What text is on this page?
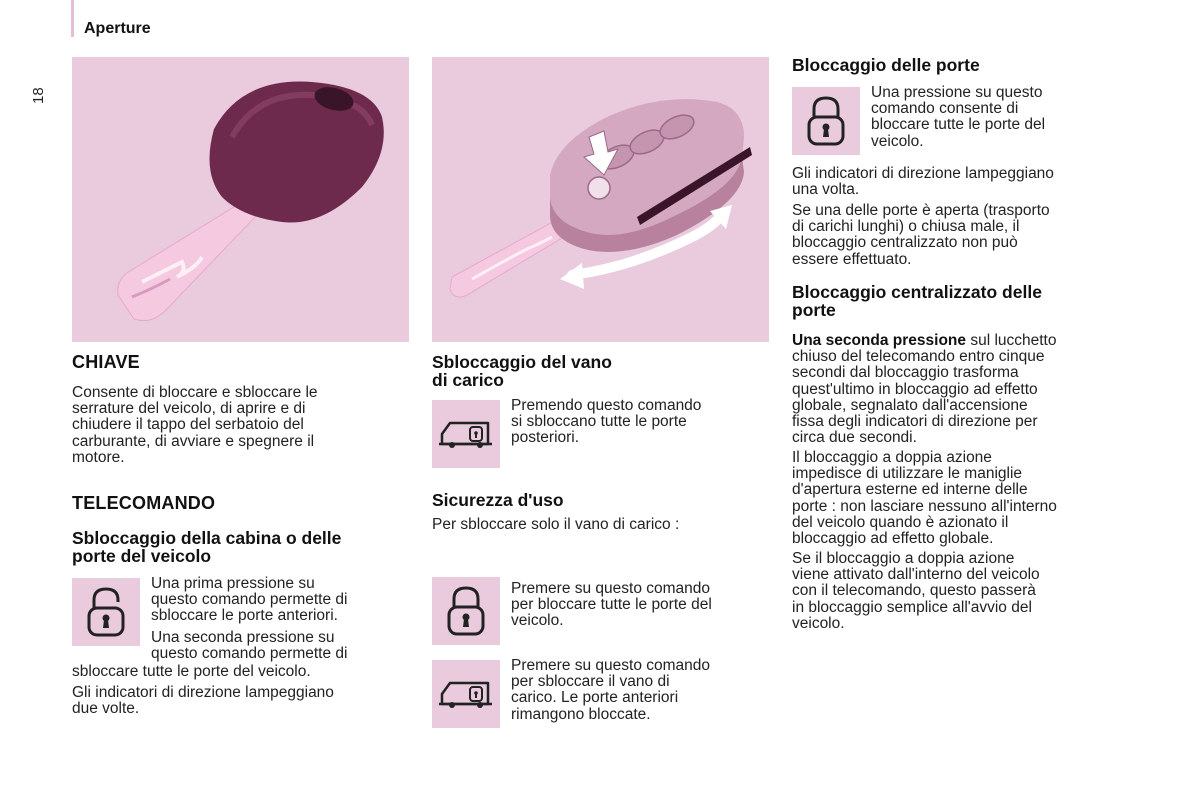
Aperture
18
CHIAVE
Consente di bloccare e sbloccare le
serrature del veicolo, di aprire e di
chiudere il tappo del serbatoio del
carburante, di avviare e spegnere il
motore.
TELECOMANDO
Sbloccaggio della cabina o delle
porte del veicolo
Una prima pressione su
questo comando permette di
sbloccare le porte anteriori.
Una seconda pressione su
questo comando permette di
sbloccare tutte le porte del veicolo.
Gli indicatori di direzione lampeggiano
due volte.
Sbloccaggio del vano
di carico
Premendo questo comando
si sbloccano tutte le porte
posteriori.
Sicurezza d'uso
Per sbloccare solo il vano di carico :
Premere su questo comando
per bloccare tutte le porte del
veicolo.
Premere su questo comando
per sbloccare il vano di
carico. Le porte anteriori
rimangono bloccate.
Bloccaggio delle porte
Una pressione su questo
comando consente di
bloccare tutte le porte del
veicolo.
Gli indicatori di direzione lampeggiano
una volta.
Se una delle porte è aperta (trasporto
di carichi lunghi) o chiusa male, il
bloccaggio centralizzato non può
essere effettuato.
Bloccaggio centralizzato delle
porte
Una seconda pressione sul lucchetto
chiuso del telecomando entro cinque
secondi dal bloccaggio trasforma
quest'ultimo in bloccaggio ad effetto
globale, segnalato dall'accensione
fissa degli indicatori di direzione per
circa due secondi.
Il bloccaggio a doppia azione
impedisce di utilizzare le maniglie
d'apertura esterne ed interne delle
porte : non lasciare nessuno all'interno
del veicolo quando è azionato il
bloccaggio ad effetto globale.
Se il bloccaggio a doppia azione
viene attivato dall'interno del veicolo
con il telecomando, questo passerà
in bloccaggio semplice all'avvio del
veicolo.
